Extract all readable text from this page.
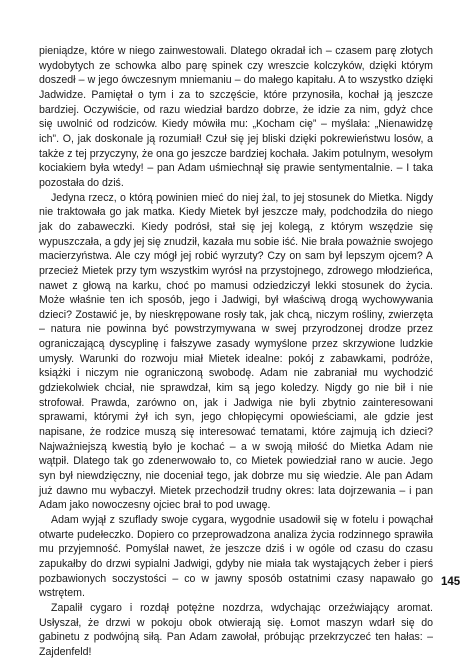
pieniądze, które w niego zainwestowali. Dlatego okradał ich – czasem parę złotych wydobytych ze schowka albo parę spinek czy wreszcie kolczyków, dzięki którym doszedł – w jego ówczesnym mniemaniu – do małego kapitału. A to wszystko dzięki Jadwidze. Pamiętał o tym i za to szczęście, które przynosiła, kochał ją jeszcze bardziej. Oczywiście, od razu wiedział bardzo dobrze, że idzie za nim, gdyż chce się uwolnić od rodziców. Kiedy mówiła mu: „Kocham cię” – myślała: „Nienawidzę ich”. O, jak doskonale ją rozumiał! Czuł się jej bliski dzięki pokrewieństwu losów, a także z tej przyczyny, że ona go jeszcze bardziej kochała. Jakim potulnym, wesołym kociakiem była wtedy! – pan Adam uśmiechnął się prawie sentymentalnie. – I taka pozostała do dziś.

Jedyna rzecz, o którą powinien mieć do niej żal, to jej stosunek do Mietka. Nigdy nie traktowała go jak matka. Kiedy Mietek był jeszcze mały, podchodziła do niego jak do zabaweczki. Kiedy podrósł, stał się jej kolegą, z którym wszędzie się wypuszczała, a gdy jej się znudził, kazała mu sobie iść. Nie brała poważnie swojego macierzyństwa. Ale czy mógł jej robić wyrzuty? Czy on sam był lepszym ojcem? A przecież Mietek przy tym wszystkim wyrósł na przystojnego, zdrowego młodzieńca, nawet z głową na karku, choć po mamusi odziedziczył lekki stosunek do życia. Może właśnie ten ich sposób, jego i Jadwigi, był właściwą drogą wychowywania dzieci? Zostawić je, by nieskrępowane rosły tak, jak chcą, niczym rośliny, zwierzęta – natura nie powinna być powstrzymywana w swej przyrodzonej drodze przez ograniczającą dyscyplinę i fałszywe zasady wymyślone przez skrzywione ludzkie umysły. Warunki do rozwoju miał Mietek idealne: pokój z zabawkami, podróże, książki i niczym nie ograniczoną swobodę. Adam nie zabraniał mu wychodzić gdziekolwiek chciał, nie sprawdzał, kim są jego koledzy. Nigdy go nie bił i nie strofował. Prawda, zarówno on, jak i Jadwiga nie byli zbytnio zainteresowani sprawami, którymi żył ich syn, jego chłopięcymi opowieściami, ale gdzie jest napisane, że rodzice muszą się interesować tematami, które zajmują ich dzieci? Najważniejszą kwestią było je kochać – a w swoją miłość do Mietka Adam nie wątpił. Dlatego tak go zdenerwowało to, co Mietek powiedział rano w aucie. Jego syn był niewdzięczny, nie doceniał tego, jak dobrze mu się wiedzie. Ale pan Adam już dawno mu wybaczył. Mietek przechodził trudny okres: lata dojrzewania – i pan Adam jako nowoczesny ojciec brał to pod uwagę.

Adam wyjął z szuflady swoje cygara, wygodnie usadowił się w fotelu i powąchał otwarte pudełeczko. Dopiero co przeprowadzona analiza życia rodzinnego sprawiła mu przyjemność. Pomyślał nawet, że jeszcze dziś i w ogóle od czasu do czasu zapukałby do drzwi sypialni Jadwigi, gdyby nie miała tak wystających żeber i pierś pozbawionych soczystości – co w jawny sposób ostatnimi czasy napawało go wstrętem.

Zapalił cygaro i rozdął potężne nozdrza, wdychając orzeźwiający aromat. Usłyszał, że drzwi w pokoju obok otwierają się. Łomot maszyn wdarł się do gabinetu z podwójną siłą. Pan Adam zawołał, próbując przekrzyczeć ten hałas: – Zajdenfeld!

145
